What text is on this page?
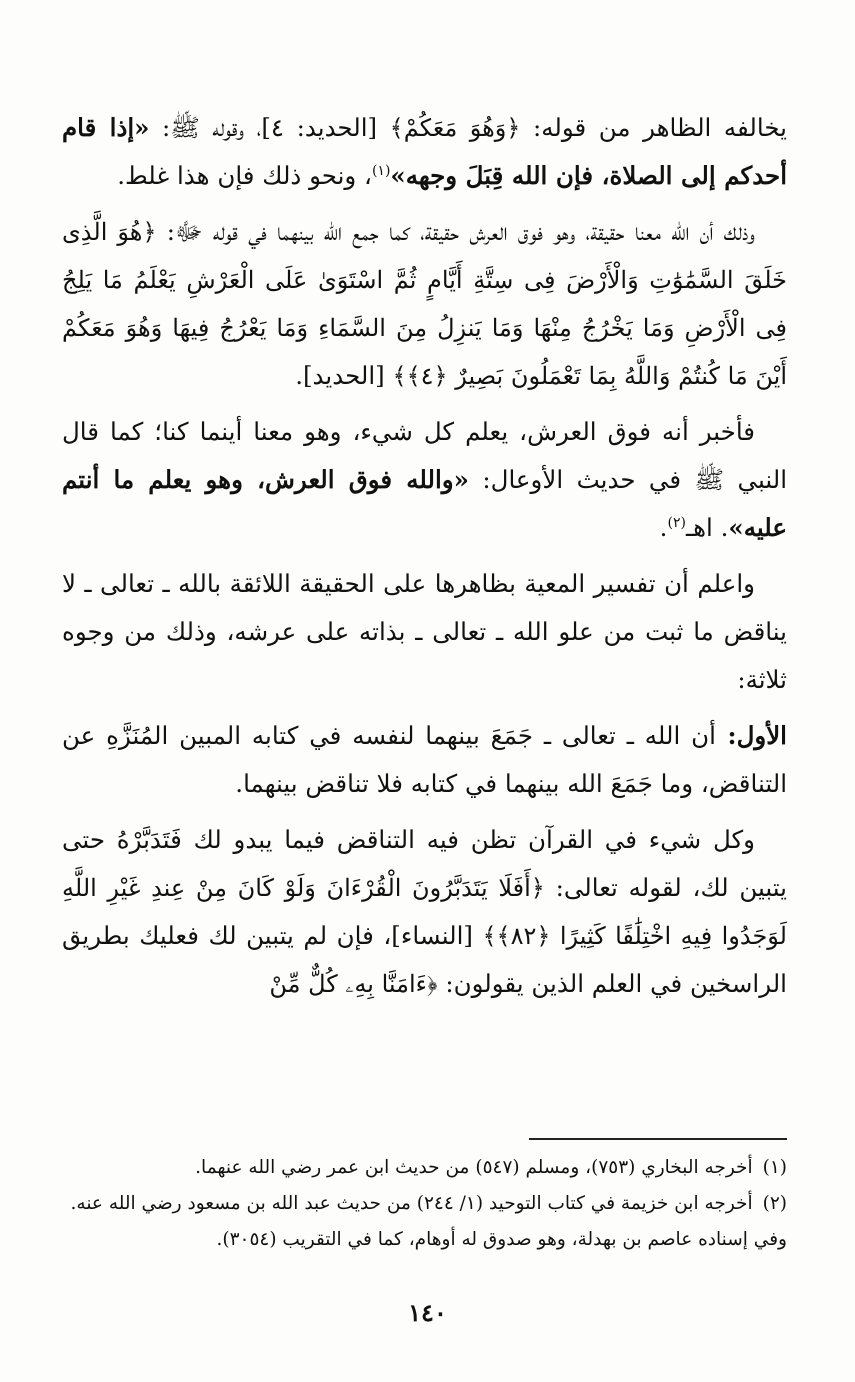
يخالفه الظاهر من قوله: ﴿وَهُوَ مَعَكُمْ﴾ [الحديد: ٤]، وقوله ﷺ: «إذا قام أحدكم إلى الصلاة، فإن الله قِبَلَ وجهه»$^{(١)}$، ونحو ذلك فإن هذا غلط.

وذلك أن الله معنا حقيقة، وهو فوق العرش حقيقة، كما جمع الله بينهما في قوله ﷻ: ﴿هُوَ الَّذِى خَلَقَ السَّمَٰوَٰتِ وَالْأَرْضَ فِى سِتَّةِ أَيَّامٍ ثُمَّ اسْتَوَىٰ عَلَى الْعَرْشِ يَعْلَمُ مَا يَلِجُ فِى الْأَرْضِ وَمَا يَخْرُجُ مِنْهَا وَمَا يَنزِلُ مِنَ السَّمَاءِ وَمَا يَعْرُجُ فِيهَا وَهُوَ مَعَكُمْ أَيْنَ مَا كُنتُمْ وَاللَّهُ بِمَا تَعْمَلُونَ بَصِيرٌ ﴿٤﴾﴾ [الحديد].

فأخبر أنه فوق العرش، يعلم كل شيء، وهو معنا أينما كنا؛ كما قال النبي ﷺ في حديث الأوعال: «والله فوق العرش، وهو يعلم ما أنتم عليه». اهـ$^{(٢)}$.

واعلم أن تفسير المعية بظاهرها على الحقيقة اللائقة بالله ـ تعالى ـ لا يناقض ما ثبت من علو الله ـ تعالى ـ بذاته على عرشه، وذلك من وجوه ثلاثة:

الأول: أن الله ـ تعالى ـ جَمَعَ بينهما لنفسه في كتابه المبين المُنَزَّهِ عن التناقض، وما جَمَعَ الله بينهما في كتابه فلا تناقض بينهما.

وكل شيء في القرآن تظن فيه التناقض فيما يبدو لك فَتَدَبَّرْهُ حتى يتبين لك، لقوله تعالى: ﴿أَفَلَا يَتَدَبَّرُونَ الْقُرْءَانَ وَلَوْ كَانَ مِنْ عِندِ غَيْرِ اللَّهِ لَوَجَدُوا فِيهِ اخْتِلَٰفًا كَثِيرًا ﴿٨٢﴾﴾ [النساء]، فإن لم يتبين لك فعليك بطريق الراسخين في العلم الذين يقولون: ﴿ءَامَنَّا بِهِۦ كُلٌّ مِّنْ

(١)أخرجه البخاري (٧٥٣)، ومسلم (٥٤٧) من حديث ابن عمر رضي الله عنهما.

(٢)أخرجه ابن خزيمة في كتاب التوحيد (١/ ٢٤٤) من حديث عبد الله بن مسعود رضي الله عنه.

وفي إسناده عاصم بن بهدلة، وهو صدوق له أوهام، كما في التقريب (٣٠٥٤).

١٤٠
